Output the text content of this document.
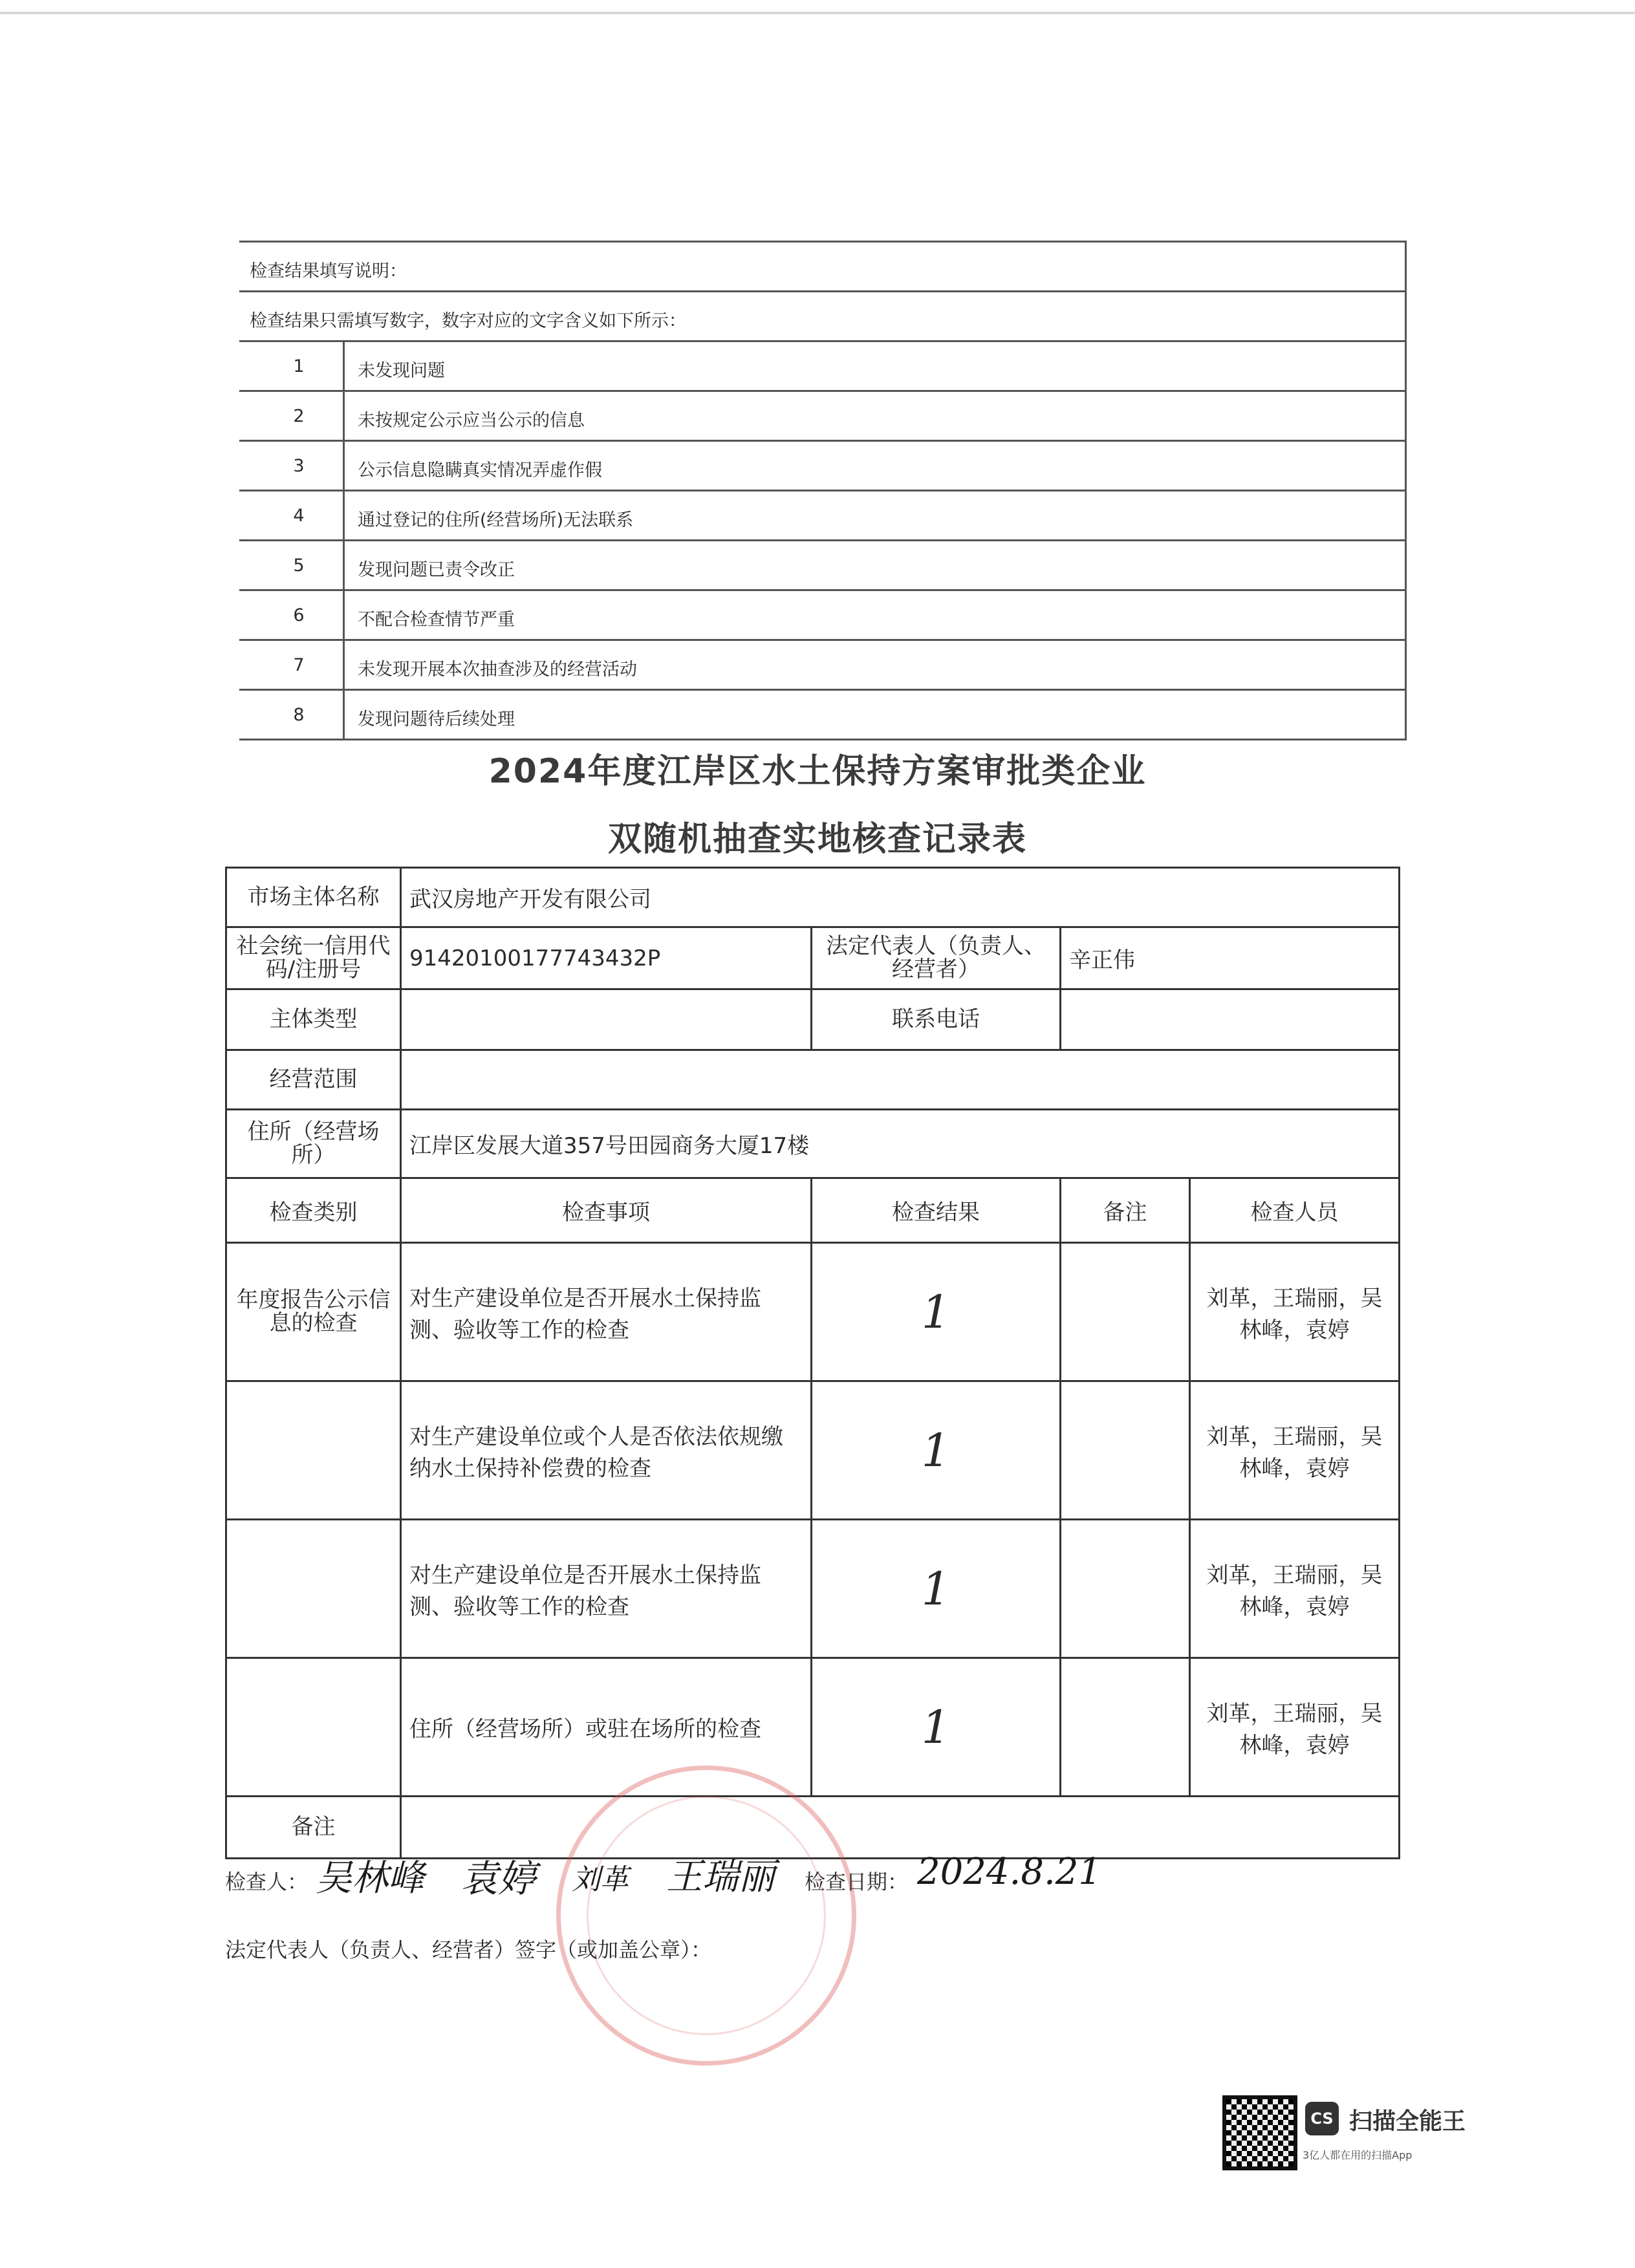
检查结果填写说明：
检查结果只需填写数字，数字对应的文字含义如下所示：
1	未发现问题
2	未按规定公示应当公示的信息
3	公示信息隐瞒真实情况弄虚作假
4	通过登记的住所(经营场所)无法联系
5	发现问题已责令改正
6	不配合检查情节严重
7	未发现开展本次抽查涉及的经营活动
8	发现问题待后续处理
2024年度江岸区水土保持方案审批类企业
双随机抽查实地核查记录表
市场主体名称	武汉房地产开发有限公司			
社会统一信用代码/注册号	91420100177743432P	法定代表人（负责人、经营者）	辛正伟	
主体类型		联系电话		
经营范围				
住所（经营场所）	江岸区发展大道357号田园商务大厦17楼			
检查类别	检查事项	检查结果	备注	检查人员
年度报告公示信息的检查	对生产建设单位是否开展水土保持监测、验收等工作的检查	1		刘革，王瑞丽，吴林峰，袁婷
	对生产建设单位或个人是否依法依规缴纳水土保持补偿费的检查	1		刘革，王瑞丽，吴林峰，袁婷
	对生产建设单位是否开展水土保持监测、验收等工作的检查	1		刘革，王瑞丽，吴林峰，袁婷
	住所（经营场所）或驻在场所的检查	1		刘革，王瑞丽，吴林峰，袁婷
备注				
检查人： 吴林峰 袁婷 刘革 王瑞丽 检查日期： 2024.8.21
法定代表人（负责人、经营者）签字（或加盖公章）：
CS 扫描全能王
3亿人都在用的扫描App
